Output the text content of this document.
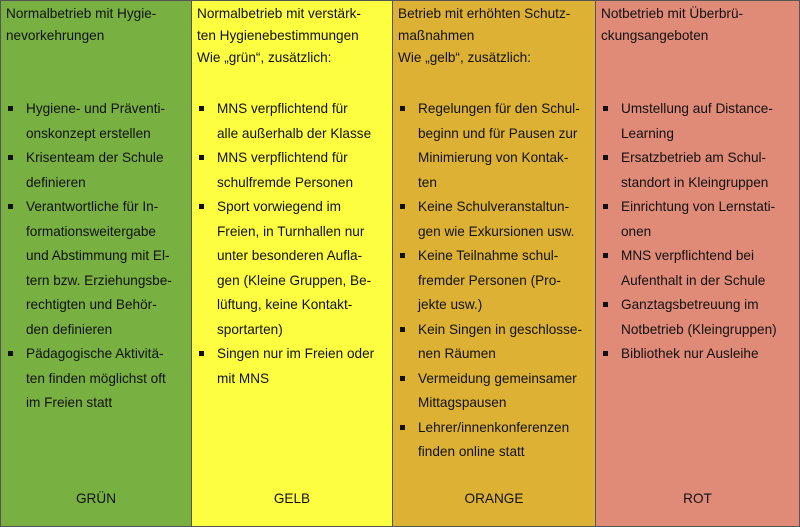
Normalbetrieb mit Hygie-
nevorkehrungen
Hygiene- und Präventi-
onskonzept erstellen
Krisenteam der Schule
definieren
Verantwortliche für In-
formationsweitergabe
und Abstimmung mit El-
tern bzw. Erziehungsbe-
rechtigten und Behör-
den definieren
Pädagogische Aktivitä-
ten finden möglichst oft
im Freien statt
GRÜN
Normalbetrieb mit verstärk-
ten Hygienebestimmungen
Wie „grün“, zusätzlich:
MNS verpflichtend für
alle außerhalb der Klasse
MNS verpflichtend für
schulfremde Personen
Sport vorwiegend im
Freien, in Turnhallen nur
unter besonderen Aufla-
gen (Kleine Gruppen, Be-
lüftung, keine Kontakt-
sportarten)
Singen nur im Freien oder
mit MNS
GELB
Betrieb mit erhöhten Schutz-
maßnahmen
Wie „gelb“, zusätzlich:
Regelungen für den Schul-
beginn und für Pausen zur
Minimierung von Kontak-
ten
Keine Schulveranstaltun-
gen wie Exkursionen usw.
Keine Teilnahme schul-
fremder Personen (Pro-
jekte usw.)
Kein Singen in geschlosse-
nen Räumen
Vermeidung gemeinsamer
Mittagspausen
Lehrer/innenkonferenzen
finden online statt
ORANGE
Notbetrieb mit Überbrü-
ckungsangeboten
Umstellung auf Distance-
Learning
Ersatzbetrieb am Schul-
standort in Kleingruppen
Einrichtung von Lernstati-
onen
MNS verpflichtend bei
Aufenthalt in der Schule
Ganztagsbetreuung im
Notbetrieb (Kleingruppen)
Bibliothek nur Ausleihe
ROT
